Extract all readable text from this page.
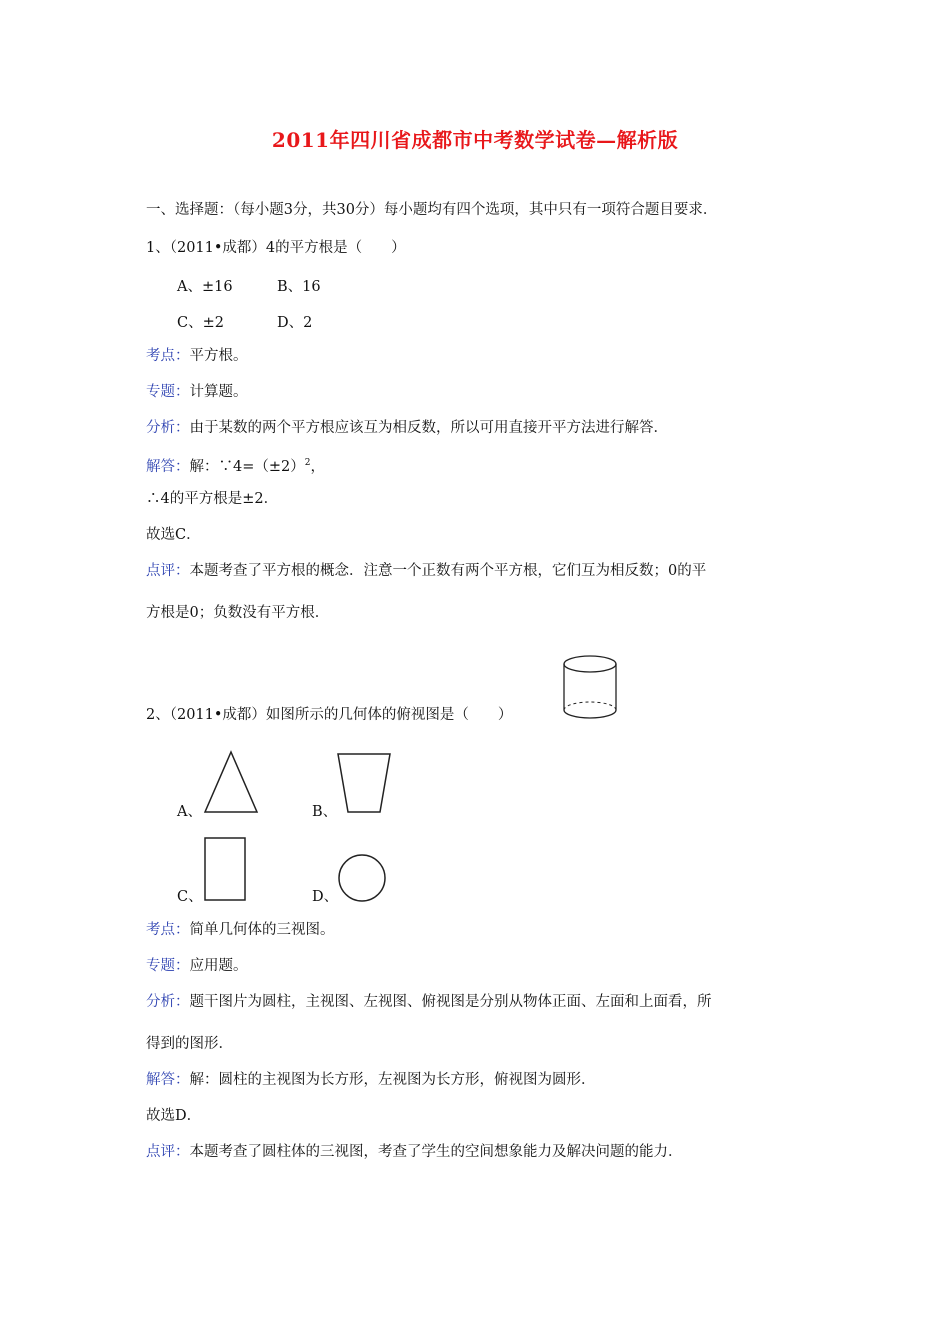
2011年四川省成都市中考数学试卷—解析版
一、选择题：（每小题3分，共30分）每小题均有四个选项，其中只有一项符合题目要求．
1、（2011•成都）4的平方根是（　　）
A、±16	B、16
C、±2	D、2
考点：平方根。
专题：计算题。
分析：由于某数的两个平方根应该互为相反数，所以可用直接开平方法进行解答．
解答：解：$\because 4=(\pm 2)^2$，
∴4的平方根是±2．
故选C．
点评：本题考查了平方根的概念．注意一个正数有两个平方根，它们互为相反数；0的平
方根是0；负数没有平方根．
2、（2011•成都）如图所示的几何体的俯视图是（　　）
A、	B、
C、	D、
考点：简单几何体的三视图。
专题：应用题。
分析：题干图片为圆柱，主视图、左视图、俯视图是分别从物体正面、左面和上面看，所
得到的图形．
解答：解：圆柱的主视图为长方形，左视图为长方形，俯视图为圆形．
故选D．
点评：本题考查了圆柱体的三视图，考查了学生的空间想象能力及解决问题的能力．
